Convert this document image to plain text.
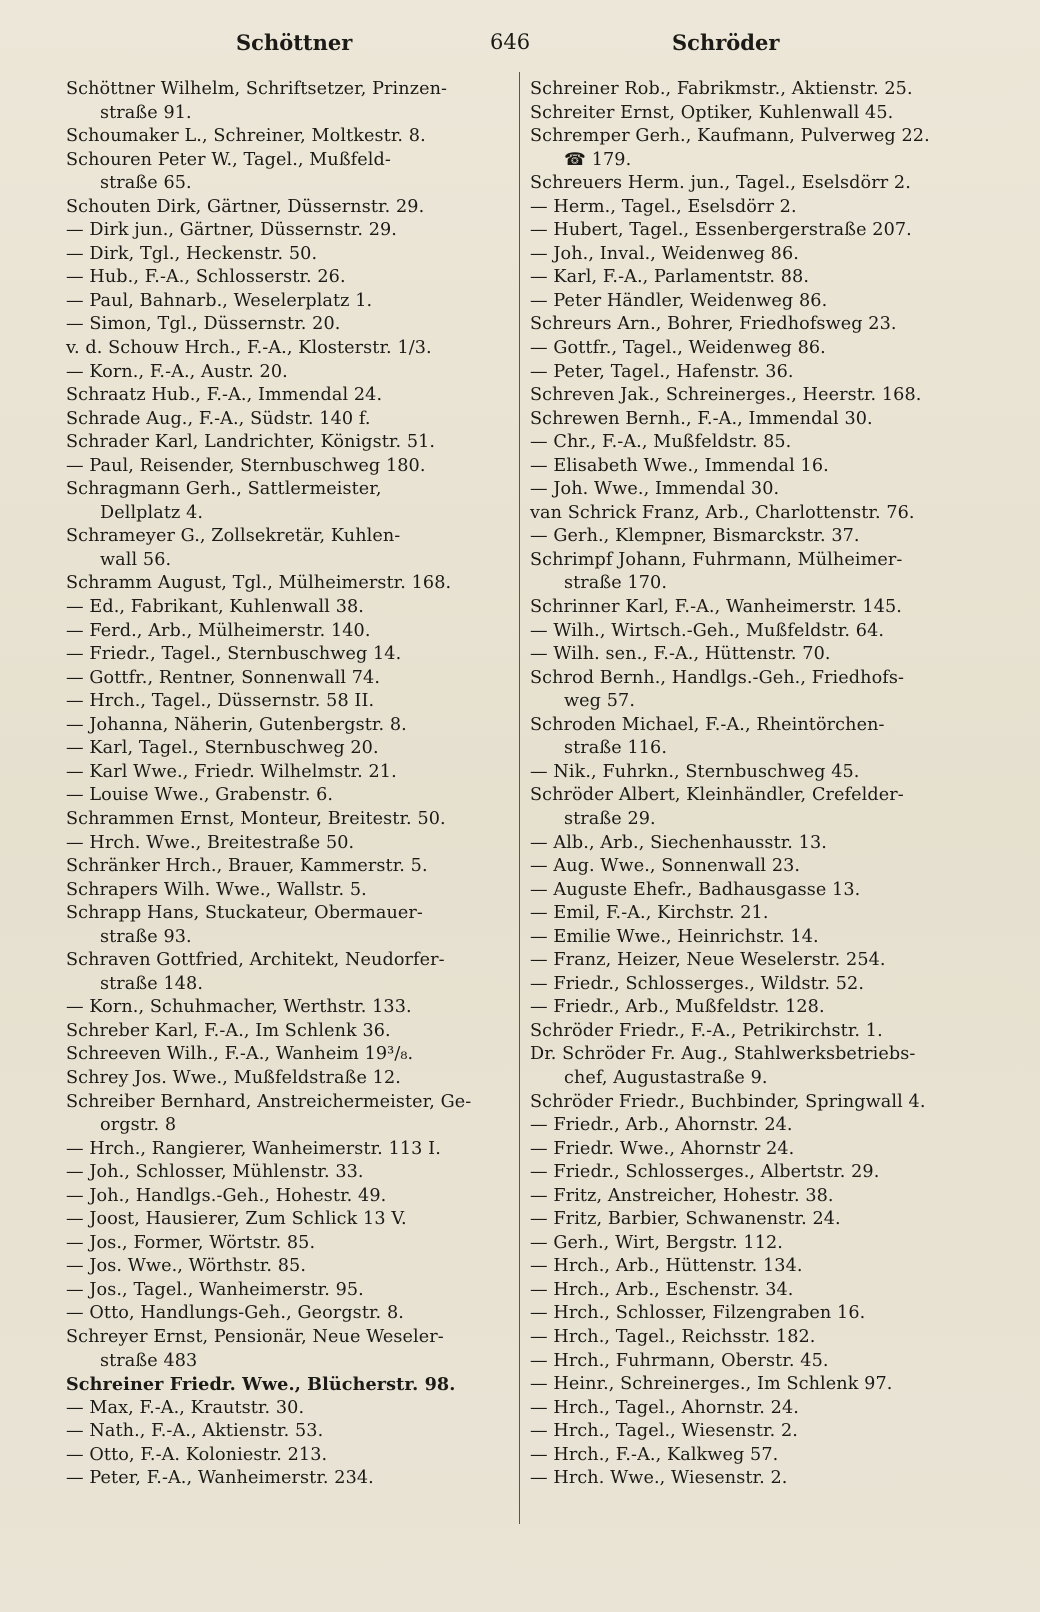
Schöttner	646	Schröder
Schöttner Wilhelm, Schriftsetzer, Prinzen-
straße 91.
Schoumaker L., Schreiner, Moltkestr. 8.
Schouren Peter W., Tagel., Mußfeld-
straße 65.
Schouten Dirk, Gärtner, Düssernstr. 29.
— Dirk jun., Gärtner, Düssernstr. 29.
— Dirk, Tgl., Heckenstr. 50.
— Hub., F.-A., Schlosserstr. 26.
— Paul, Bahnarb., Weselerplatz 1.
— Simon, Tgl., Düssernstr. 20.
v. d. Schouw Hrch., F.-A., Klosterstr. 1/3.
— Korn., F.-A., Austr. 20.
Schraatz Hub., F.-A., Immendal 24.
Schrade Aug., F.-A., Südstr. 140 f.
Schrader Karl, Landrichter, Königstr. 51.
— Paul, Reisender, Sternbuschweg 180.
Schragmann Gerh., Sattlermeister,
Dellplatz 4.
Schrameyer G., Zollsekretär, Kuhlen-
wall 56.
Schramm August, Tgl., Mülheimerstr. 168.
— Ed., Fabrikant, Kuhlenwall 38.
— Ferd., Arb., Mülheimerstr. 140.
— Friedr., Tagel., Sternbuschweg 14.
— Gottfr., Rentner, Sonnenwall 74.
— Hrch., Tagel., Düssernstr. 58 II.
— Johanna, Näherin, Gutenbergstr. 8.
— Karl, Tagel., Sternbuschweg 20.
— Karl Wwe., Friedr. Wilhelmstr. 21.
— Louise Wwe., Grabenstr. 6.
Schrammen Ernst, Monteur, Breitestr. 50.
— Hrch. Wwe., Breitestraße 50.
Schränker Hrch., Brauer, Kammerstr. 5.
Schrapers Wilh. Wwe., Wallstr. 5.
Schrapp Hans, Stuckateur, Obermauer-
straße 93.
Schraven Gottfried, Architekt, Neudorfer-
straße 148.
— Korn., Schuhmacher, Werthstr. 133.
Schreber Karl, F.-A., Im Schlenk 36.
Schreeven Wilh., F.-A., Wanheim 19³/₈.
Schrey Jos. Wwe., Mußfeldstraße 12.
Schreiber Bernhard, Anstreichermeister, Ge-
orgstr. 8
— Hrch., Rangierer, Wanheimerstr. 113 I.
— Joh., Schlosser, Mühlenstr. 33.
— Joh., Handlgs.-Geh., Hohestr. 49.
— Joost, Hausierer, Zum Schlick 13 V.
— Jos., Former, Wörtstr. 85.
— Jos. Wwe., Wörthstr. 85.
— Jos., Tagel., Wanheimerstr. 95.
— Otto, Handlungs-Geh., Georgstr. 8.
Schreyer Ernst, Pensionär, Neue Weseler-
straße 483
Schreiner Friedr. Wwe., Blücherstr. 98.
— Max, F.-A., Krautstr. 30.
— Nath., F.-A., Aktienstr. 53.
— Otto, F.-A. Koloniestr. 213.
— Peter, F.-A., Wanheimerstr. 234.
Schreiner Rob., Fabrikmstr., Aktienstr. 25.
Schreiter Ernst, Optiker, Kuhlenwall 45.
Schremper Gerh., Kaufmann, Pulverweg 22.
☎ 179.
Schreuers Herm. jun., Tagel., Eselsdörr 2.
— Herm., Tagel., Eselsdörr 2.
— Hubert, Tagel., Essenbergerstraße 207.
— Joh., Inval., Weidenweg 86.
— Karl, F.-A., Parlamentstr. 88.
— Peter Händler, Weidenweg 86.
Schreurs Arn., Bohrer, Friedhofsweg 23.
— Gottfr., Tagel., Weidenweg 86.
— Peter, Tagel., Hafenstr. 36.
Schreven Jak., Schreinerges., Heerstr. 168.
Schrewen Bernh., F.-A., Immendal 30.
— Chr., F.-A., Mußfeldstr. 85.
— Elisabeth Wwe., Immendal 16.
— Joh. Wwe., Immendal 30.
van Schrick Franz, Arb., Charlottenstr. 76.
— Gerh., Klempner, Bismarckstr. 37.
Schrimpf Johann, Fuhrmann, Mülheimer-
straße 170.
Schrinner Karl, F.-A., Wanheimerstr. 145.
— Wilh., Wirtsch.-Geh., Mußfeldstr. 64.
— Wilh. sen., F.-A., Hüttenstr. 70.
Schrod Bernh., Handlgs.-Geh., Friedhofs-
weg 57.
Schroden Michael, F.-A., Rheintörchen-
straße 116.
— Nik., Fuhrkn., Sternbuschweg 45.
Schröder Albert, Kleinhändler, Crefelder-
straße 29.
— Alb., Arb., Siechenhausstr. 13.
— Aug. Wwe., Sonnenwall 23.
— Auguste Ehefr., Badhausgasse 13.
— Emil, F.-A., Kirchstr. 21.
— Emilie Wwe., Heinrichstr. 14.
— Franz, Heizer, Neue Weselerstr. 254.
— Friedr., Schlosserges., Wildstr. 52.
— Friedr., Arb., Mußfeldstr. 128.
Schröder Friedr., F.-A., Petrikirchstr. 1.
Dr. Schröder Fr. Aug., Stahlwerksbetriebs-
chef, Augustastraße 9.
Schröder Friedr., Buchbinder, Springwall 4.
— Friedr., Arb., Ahornstr. 24.
— Friedr. Wwe., Ahornstr 24.
— Friedr., Schlosserges., Albertstr. 29.
— Fritz, Anstreicher, Hohestr. 38.
— Fritz, Barbier, Schwanenstr. 24.
— Gerh., Wirt, Bergstr. 112.
— Hrch., Arb., Hüttenstr. 134.
— Hrch., Arb., Eschenstr. 34.
— Hrch., Schlosser, Filzengraben 16.
— Hrch., Tagel., Reichsstr. 182.
— Hrch., Fuhrmann, Oberstr. 45.
— Heinr., Schreinerges., Im Schlenk 97.
— Hrch., Tagel., Ahornstr. 24.
— Hrch., Tagel., Wiesenstr. 2.
— Hrch., F.-A., Kalkweg 57.
— Hrch. Wwe., Wiesenstr. 2.
